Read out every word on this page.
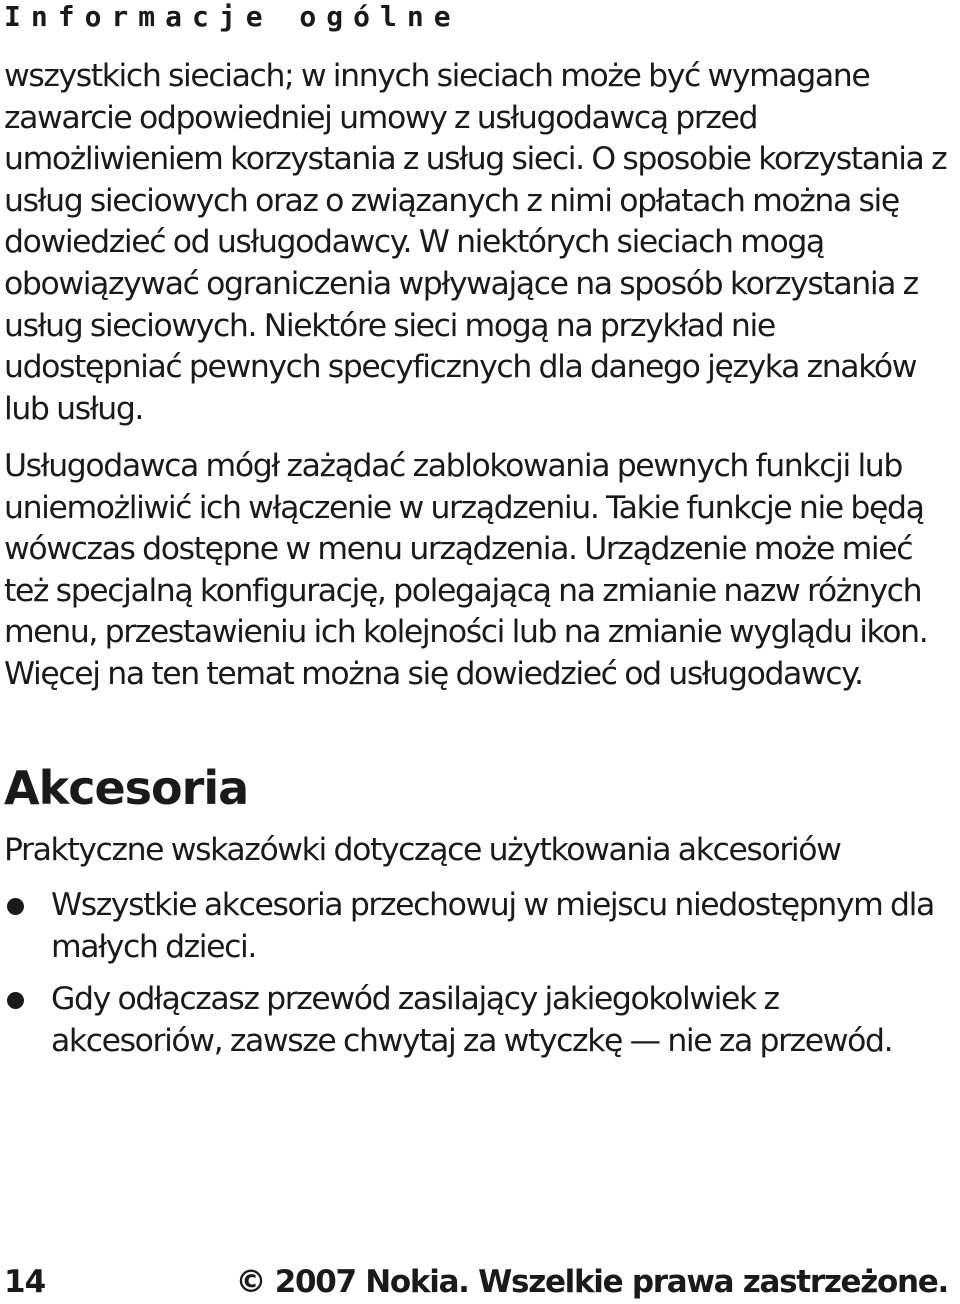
Informacje ogólne

wszystkich sieciach; w innych sieciach może być wymagane zawarcie odpowiedniej umowy z usługodawcą przed umożliwieniem korzystania z usług sieci. O sposobie korzystania z usług sieciowych oraz o związanych z nimi opłatach można się dowiedzieć od usługodawcy. W niektórych sieciach mogą obowiązywać ograniczenia wpływające na sposób korzystania z usług sieciowych. Niektóre sieci mogą na przykład nie udostępniać pewnych specyficznych dla danego języka znaków lub usług.

Usługodawca mógł zażądać zablokowania pewnych funkcji lub uniemożliwić ich włączenie w urządzeniu. Takie funkcje nie będą wówczas dostępne w menu urządzenia. Urządzenie może mieć też specjalną konfigurację, polegającą na zmianie nazw różnych menu, przestawieniu ich kolejności lub na zmianie wyglądu ikon. Więcej na ten temat można się dowiedzieć od usługodawcy.

Akcesoria

Praktyczne wskazówki dotyczące użytkowania akcesoriów

Wszystkie akcesoria przechowuj w miejscu niedostępnym dla małych dzieci.
Gdy odłączasz przewód zasilający jakiegokolwiek z akcesoriów, zawsze chwytaj za wtyczkę — nie za przewód.
14	© 2007 Nokia. Wszelkie prawa zastrzeżone.
